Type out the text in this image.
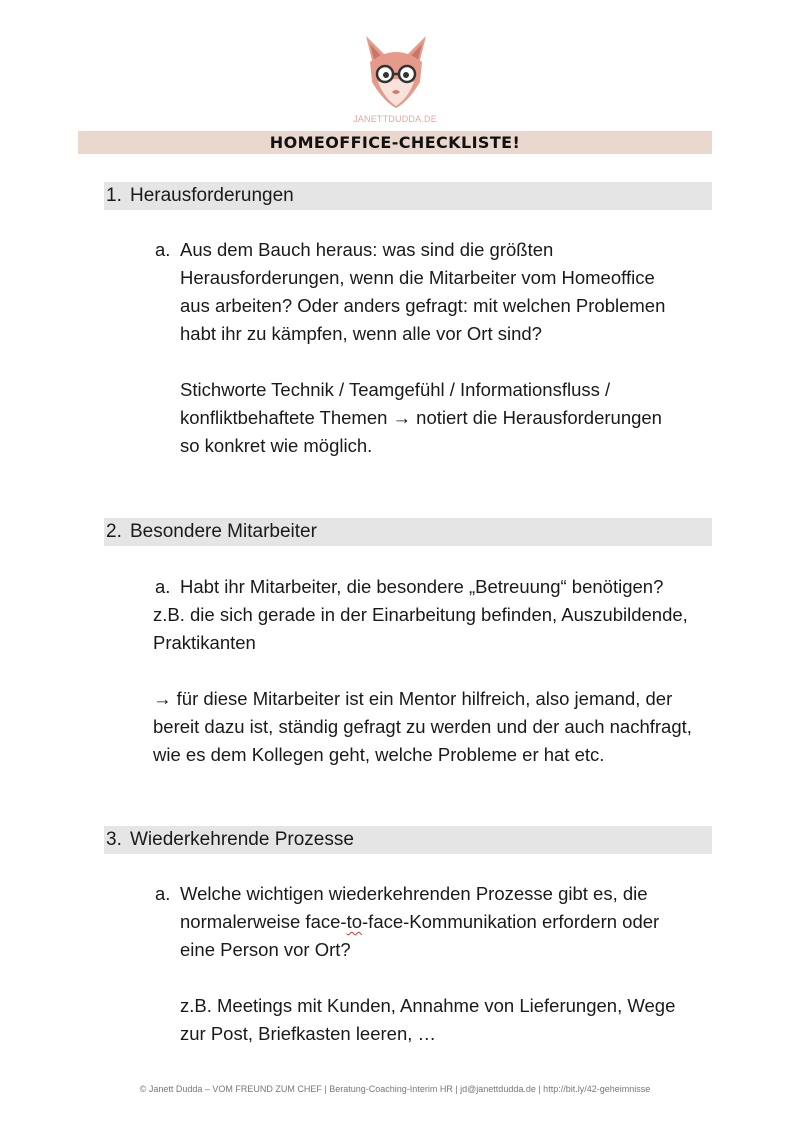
JANETTDUDDA.DE
HOMEOFFICE-CHECKLISTE!
1. Herausforderungen
a. Aus dem Bauch heraus: was sind die größten
Herausforderungen, wenn die Mitarbeiter vom Homeoffice
aus arbeiten? Oder anders gefragt: mit welchen Problemen
habt ihr zu kämpfen, wenn alle vor Ort sind?
Stichworte Technik / Teamgefühl / Informationsfluss /
konfliktbehaftete Themen → notiert die Herausforderungen
so konkret wie möglich.
2. Besondere Mitarbeiter
a. Habt ihr Mitarbeiter, die besondere „Betreuung“ benötigen?
z.B. die sich gerade in der Einarbeitung befinden, Auszubildende,
Praktikanten
→ für diese Mitarbeiter ist ein Mentor hilfreich, also jemand, der
bereit dazu ist, ständig gefragt zu werden und der auch nachfragt,
wie es dem Kollegen geht, welche Probleme er hat etc.
3. Wiederkehrende Prozesse
a. Welche wichtigen wiederkehrenden Prozesse gibt es, die
normalerweise face-to-face-Kommunikation erfordern oder
eine Person vor Ort?
z.B. Meetings mit Kunden, Annahme von Lieferungen, Wege
zur Post, Briefkasten leeren, …
© Janett Dudda – VOM FREUND ZUM CHEF | Beratung-Coaching-Interim HR | jd@janettdudda.de | http://bit.ly/42-geheimnisse
